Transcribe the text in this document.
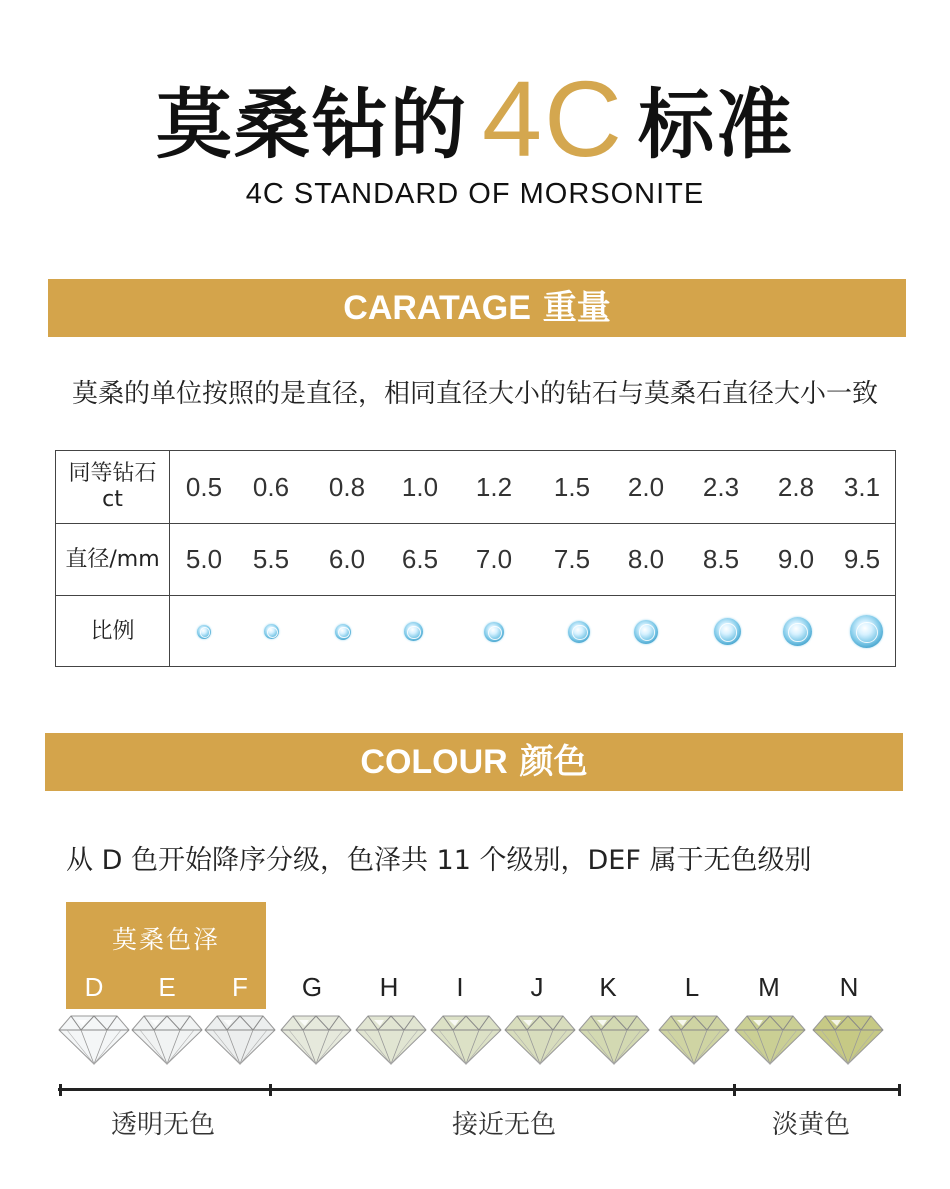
莫桑钻的 4C 标准
4C STANDARD OF MORSONITE
CARATAGE 重量
莫桑的单位按照的是直径，相同直径大小的钻石与莫桑石直径大小一致
同等钻石
ct	0.5	0.6	0.8	1.0	1.2	1.5	2.0	2.3	2.8	3.1
直径/mm	5.0	5.5	6.0	6.5	7.0	7.5	8.0	8.5	9.0	9.5
比例
COLOUR 颜色
从 D 色开始降序分级，色泽共 11 个级别，DEF 属于无色级别
莫桑色泽
D	E	F	G	H	I	J	K	L	M	N
透明无色	接近无色	淡黄色
